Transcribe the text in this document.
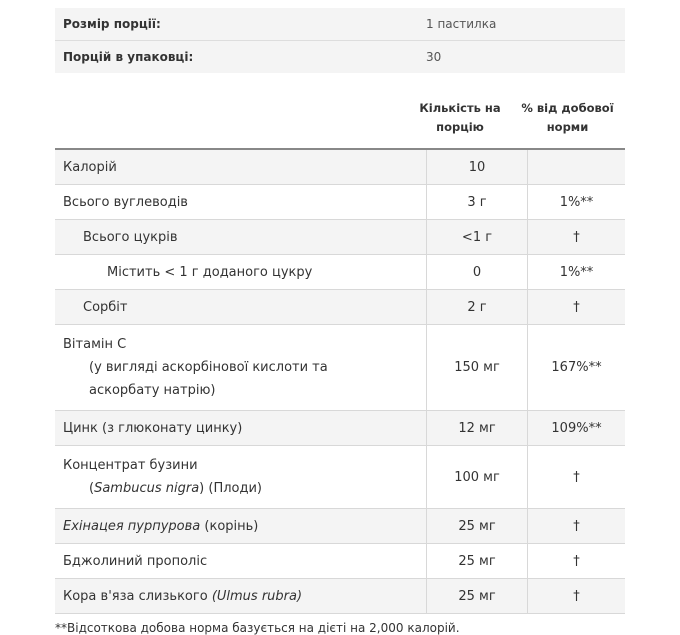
Розмір порції:	1 пастилка
Порцій в упаковці:	30
Кількість на
порцію
% від добової
норми
Калорій	10	
Всього вуглеводів	3 г	1%**
Всього цукрів	<1 г	†
Містить < 1 г доданого цукру	0	1%**
Сорбіт	2 г	†
Вітамін C
(у вигляді аскорбінової кислоти та
аскорбату натрію)	150 мг	167%**
Цинк (з глюконату цинку)	12 мг	109%**
Концентрат бузини
(Sambucus nigra) (Плоди)	100 мг	†
Ехінацея пурпурова (корінь)	25 мг	†
Бджолиний прополіс	25 мг	†
Кора в'яза слизького (Ulmus rubra)	25 мг	†
**Відсоткова добова норма базується на дієті на 2,000 калорій.
